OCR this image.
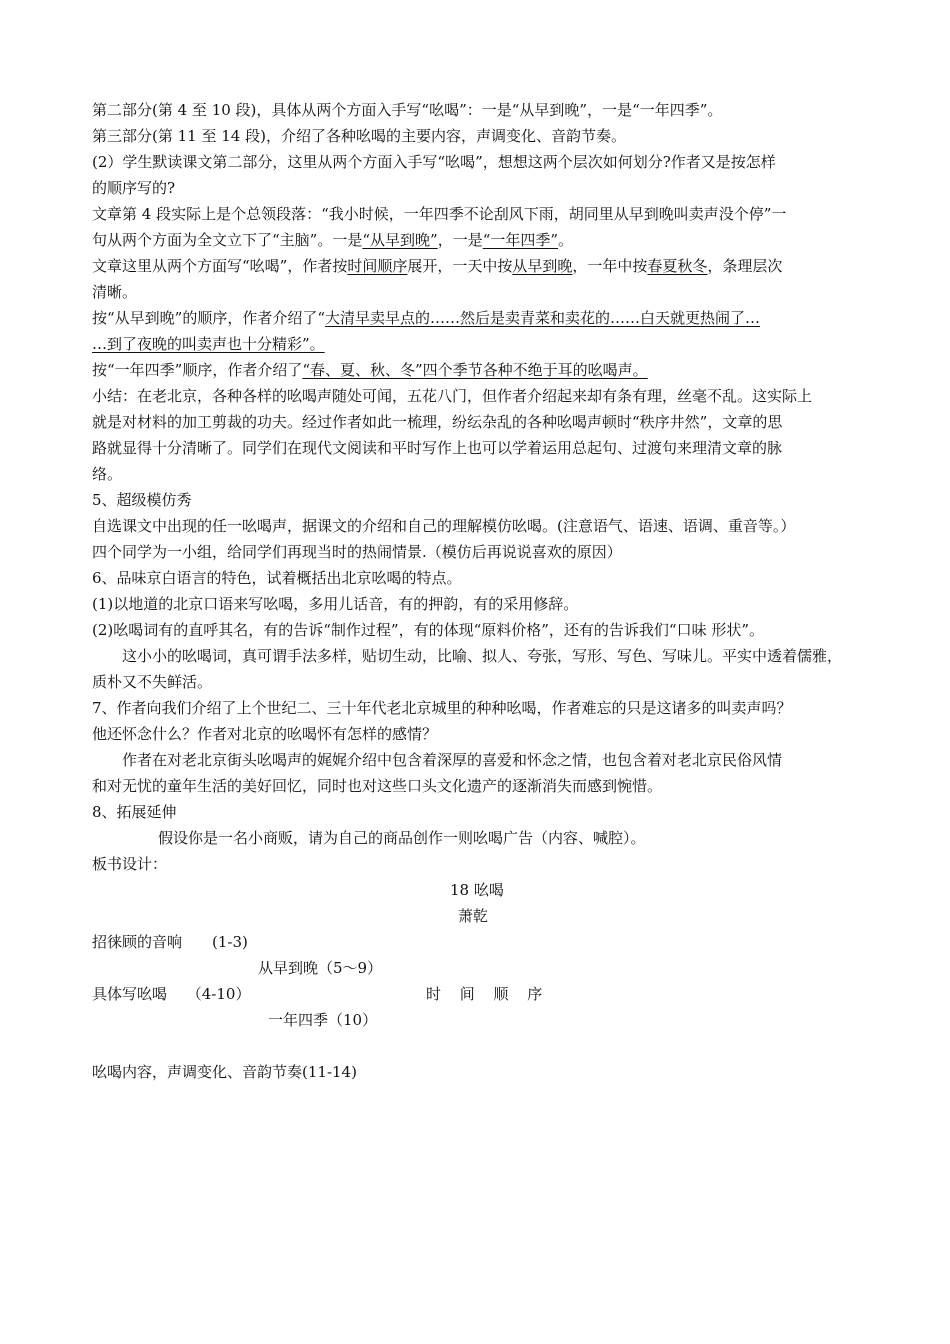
第二部分(第 4 至 10 段)，具体从两个方面入手写“吆喝”：一是“从早到晚”，一是“一年四季”。
第三部分(第 11 至 14 段)，介绍了各种吆喝的主要内容，声调变化、音韵节奏。
(2）学生默读课文第二部分，这里从两个方面入手写“吆喝”，想想这两个层次如何划分?作者又是按怎样
的顺序写的?
文章第 4 段实际上是个总领段落：“我小时候，一年四季不论刮风下雨，胡同里从早到晚叫卖声没个停”一
句从两个方面为全文立下了“主脑”。一是“从早到晚”，一是“一年四季”。
文章这里从两个方面写“吆喝”，作者按时间顺序展开，一天中按从早到晚，一年中按春夏秋冬，条理层次
清晰。
按“从早到晚”的顺序，作者介绍了“大清早卖早点的……然后是卖青菜和卖花的……白天就更热闹了…
…到了夜晚的叫卖声也十分精彩”。
按“一年四季”顺序，作者介绍了“春、夏、秋、冬”四个季节各种不绝于耳的吆喝声。
小结：在老北京，各种各样的吆喝声随处可闻，五花八门，但作者介绍起来却有条有理，丝毫不乱。这实际上
就是对材料的加工剪裁的功夫。经过作者如此一梳理，纷纭杂乱的各种吆喝声顿时“秩序井然”，文章的思
路就显得十分清晰了。同学们在现代文阅读和平时写作上也可以学着运用总起句、过渡句来理清文章的脉
络。
5、超级模仿秀
自选课文中出现的任一吆喝声，据课文的介绍和自己的理解模仿吆喝。(注意语气、语速、语调、重音等。）
四个同学为一小组，给同学们再现当时的热闹情景.（模仿后再说说喜欢的原因）
6、品味京白语言的特色，试着概括出北京吆喝的特点。
(1)以地道的北京口语来写吆喝，多用儿话音，有的押韵，有的采用修辞。
(2)吆喝词有的直呼其名，有的告诉“制作过程”，有的体现“原料价格”，还有的告诉我们“口味 形状”。
这小小的吆喝词，真可谓手法多样，贴切生动，比喻、拟人、夸张，写形、写色、写味儿。平实中透着儒雅，
质朴又不失鲜活。
7、作者向我们介绍了上个世纪二、三十年代老北京城里的种种吆喝，作者难忘的只是这诸多的叫卖声吗？
他还怀念什么？作者对北京的吆喝怀有怎样的感情？
作者在对老北京街头吆喝声的娓娓介绍中包含着深厚的喜爱和怀念之情，也包含着对老北京民俗风情
和对无忧的童年生活的美好回忆，同时也对这些口头文化遗产的逐渐消失而感到惋惜。
8、拓展延伸
假设你是一名小商贩，请为自己的商品创作一则吆喝广告（内容、喊腔）。
板书设计：
18 吆喝
萧乾
招徕顾的音响　　(1-3)
从早到晚（5～9）
具体写吆喝　 （4-10）	时 间 顺 序
一年四季（10）
吆喝内容，声调变化、音韵节奏(11-14)
